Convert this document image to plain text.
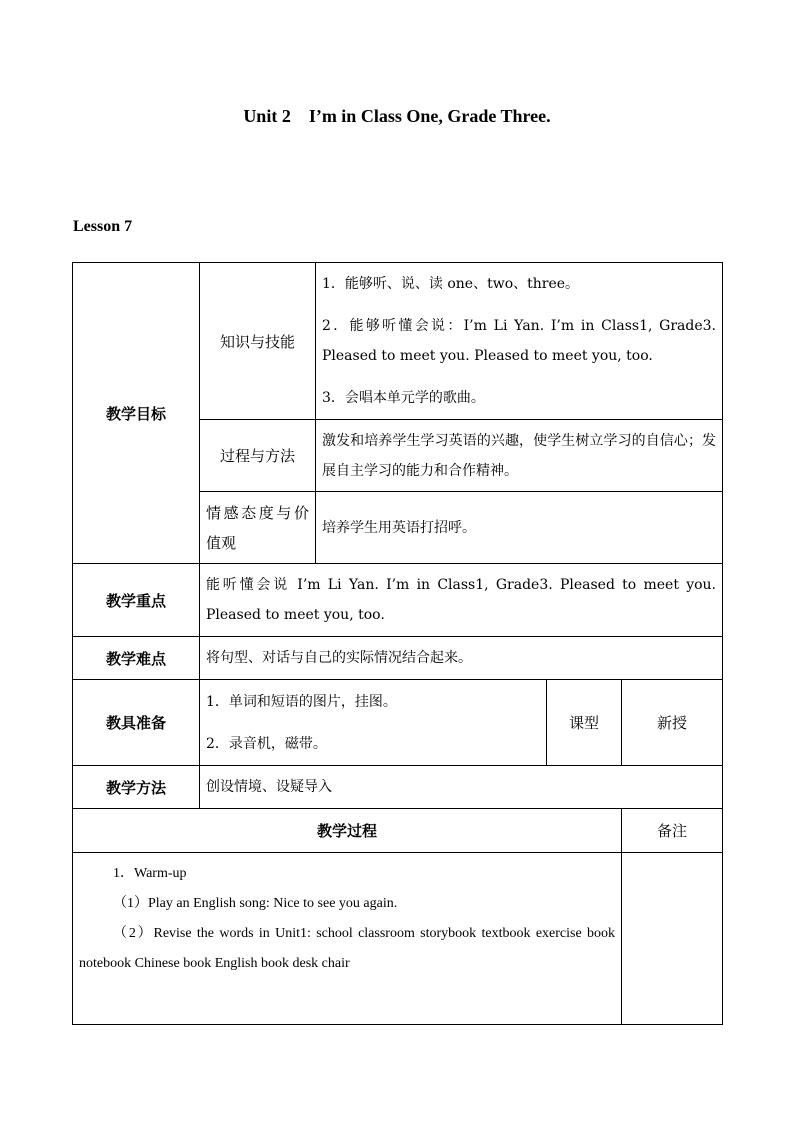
Unit 2    I’m in Class One, Grade Three.
Lesson 7
教学目标	知识与技能	1．能够听、说、读 one、two、three。

2．能够听懂会说：I’m Li Yan. I’m in Class1, Grade3. Pleased to meet you. Pleased to meet you, too.

3．会唱本单元学的歌曲。		

	过程与方法	激发和培养学生学习英语的兴趣，使学生树立学习的自信心；发展自主学习的能力和合作精神。		

	情感态度与价值观	培养学生用英语打招呼。		

教学重点	能听懂会说 I’m Li Yan. I’m in Class1, Grade3. Pleased to meet you. Pleased to meet you, too.			

教学难点	将句型、对话与自己的实际情况结合起来。			

教具准备	1．单词和短语的图片，挂图。

2．录音机，磁带。		课型	新授
教学方法	创设情境、设疑导入			

教学过程				备注

1．Warm-up

（1）Play an English song: Nice to see you again.

（2）Revise the words in Unit1: school classroom storybook textbook exercise book notebook Chinese book English book desk chair				
